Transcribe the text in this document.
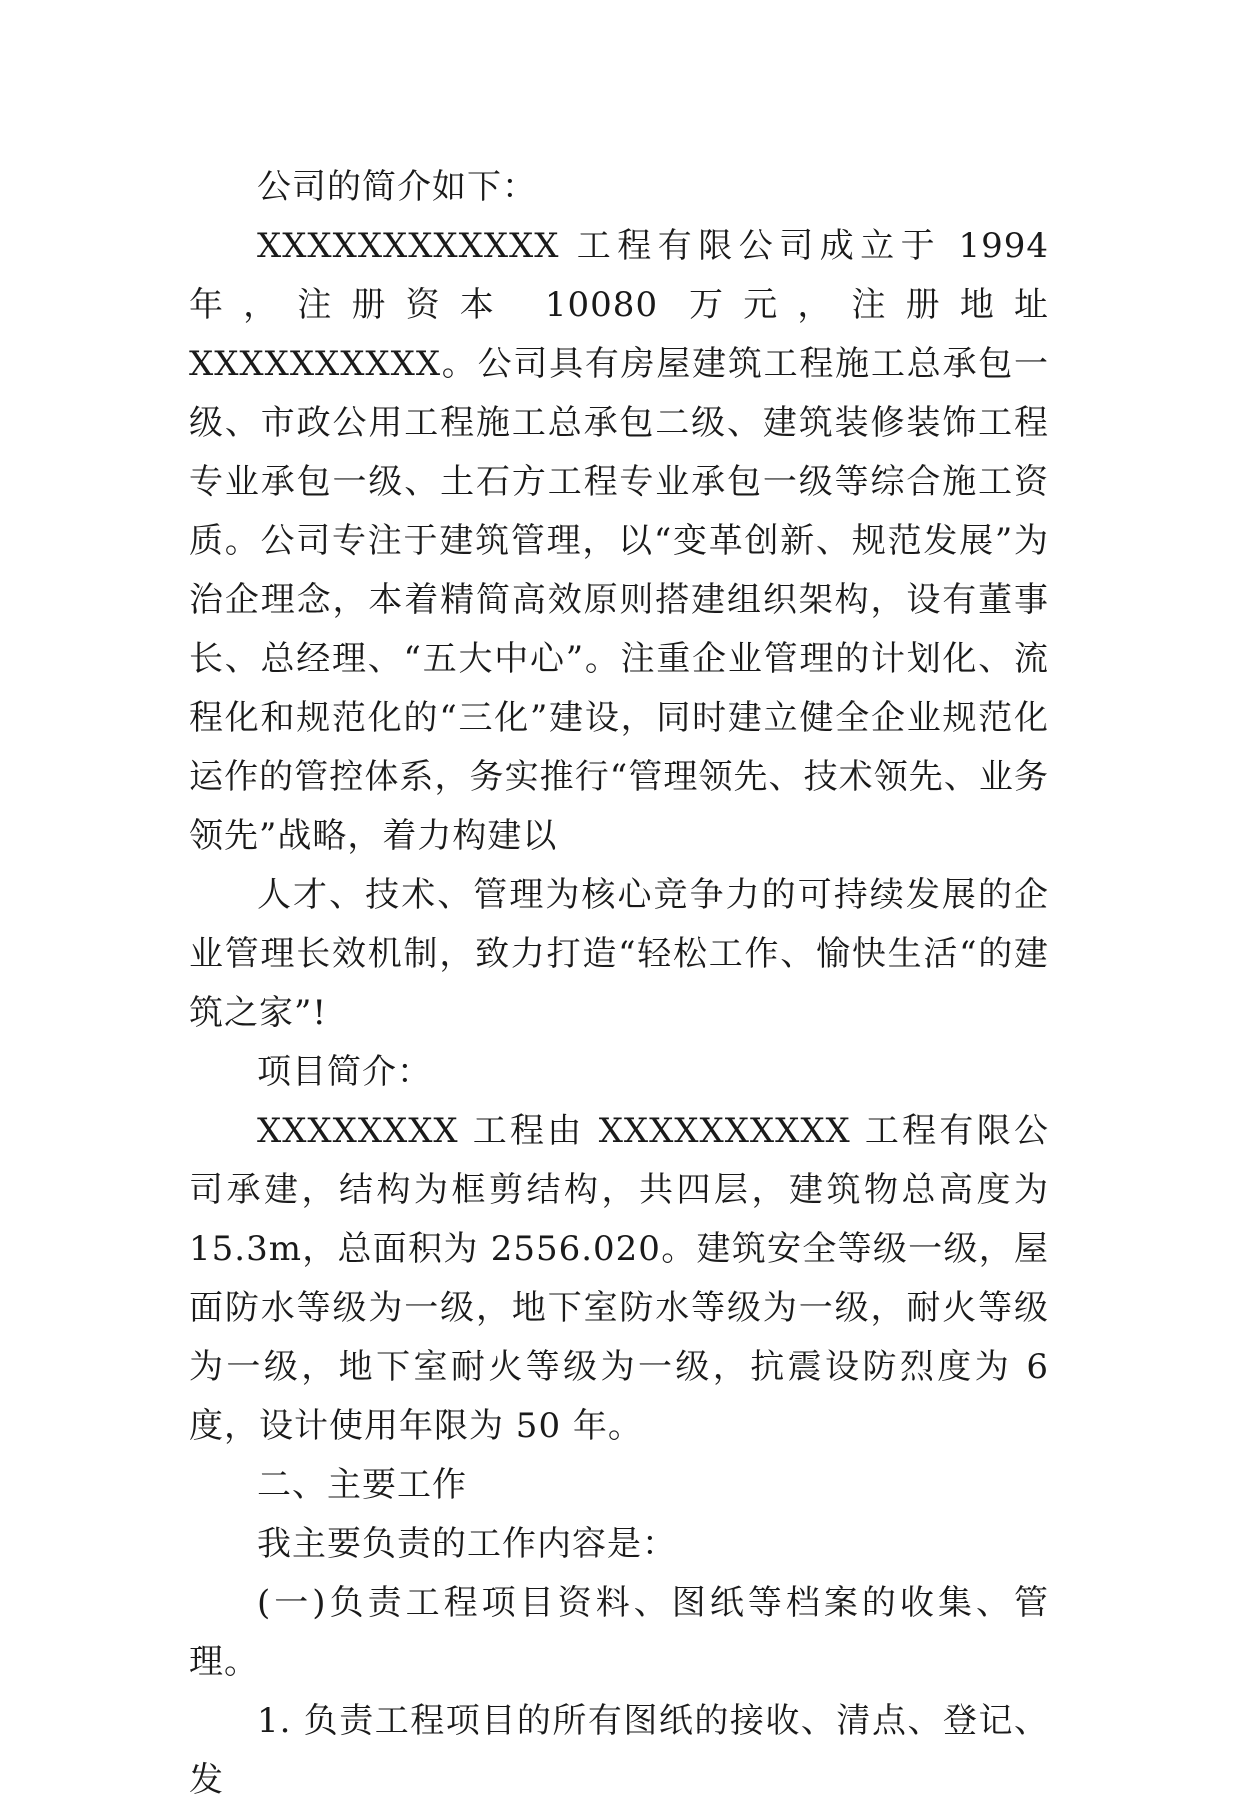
公司的简介如下：

XXXXXXXXXXXX 工程有限公司成立于 1994 年，注册资本 10080 万元，注册地址 XXXXXXXXXX。公司具有房屋建筑工程施工总承包一级、市政公用工程施工总承包二级、建筑装修装饰工程专业承包一级、土石方工程专业承包一级等综合施工资质。公司专注于建筑管理，以“变革创新、规范发展”为治企理念，本着精简高效原则搭建组织架构，设有董事长、总经理、“五大中心”。注重企业管理的计划化、流程化和规范化的“三化”建设，同时建立健全企业规范化运作的管控体系，务实推行“管理领先、技术领先、业务领先”战略，着力构建以

人才、技术、管理为核心竞争力的可持续发展的企业管理长效机制，致力打造“轻松工作、愉快生活“的建筑之家”!

项目简介：

XXXXXXXX 工程由 XXXXXXXXXX 工程有限公司承建，结构为框剪结构，共四层，建筑物总高度为 15.3m，总面积为 2556.020。建筑安全等级一级，屋面防水等级为一级，地下室防水等级为一级，耐火等级为一级，地下室耐火等级为一级，抗震设防烈度为 6 度，设计使用年限为 50 年。

二、主要工作

我主要负责的工作内容是：

(一)负责工程项目资料、图纸等档案的收集、管理。

1. 负责工程项目的所有图纸的接收、清点、登记、发
